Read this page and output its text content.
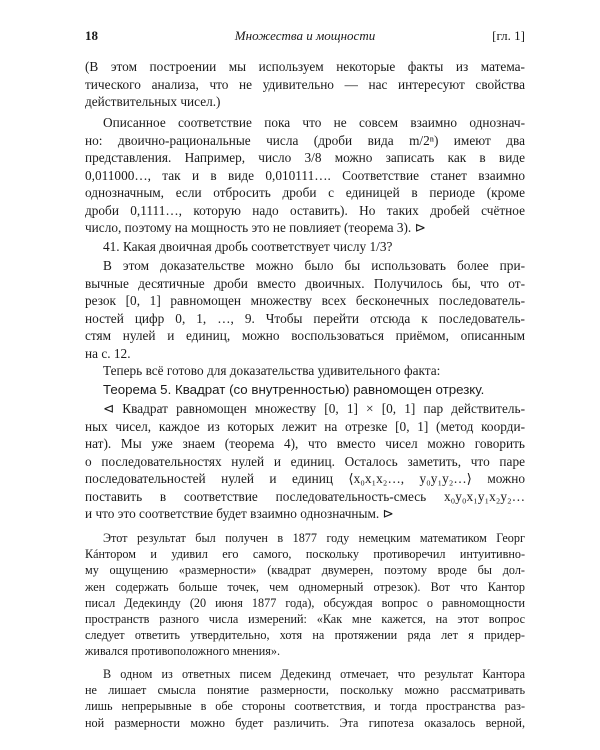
18	Множества и мощности	[гл. 1]
(В этом построении мы используем некоторые факты из матема-
тического анализа, что не удивительно — нас интересуют свойства
действительных чисел.)
Описанное соответствие пока что не совсем взаимно однознач-
но: двоично-рациональные числа (дроби вида m/2ⁿ) имеют два
представления. Например, число 3/8 можно записать как в виде
0,011000…, так и в виде 0,010111…. Соответствие станет взаимно
однозначным, если отбросить дроби с единицей в периоде (кроме
дроби 0,1111…, которую надо оставить). Но таких дробей счётное
число, поэтому на мощность это не повлияет (теорема 3). ⊳
41. Какая двоичная дробь соответствует числу 1/3?
В этом доказательстве можно было бы использовать более при-
вычные десятичные дроби вместо двоичных. Получилось бы, что от-
резок [0, 1] равномощен множеству всех бесконечных последователь-
ностей цифр 0, 1, …, 9. Чтобы перейти отсюда к последователь-
стям нулей и единиц, можно воспользоваться приёмом, описанным
на с. 12.
Теперь всё готово для доказательства удивительного факта:
Теорема 5. Квадрат (со внутренностью) равномощен отрезку.
⊲ Квадрат равномощен множеству [0, 1] × [0, 1] пар действитель-
ных чисел, каждое из которых лежит на отрезке [0, 1] (метод коорди-
нат). Мы уже знаем (теорема 4), что вместо чисел можно говорить
о последовательностях нулей и единиц. Осталось заметить, что паре
последовательностей нулей и единиц ⟨x₀x₁x₂…, y₀y₁y₂…⟩ можно
поставить в соответствие последовательность-смесь x₀y₀x₁y₁x₂y₂…
и что это соответствие будет взаимно однозначным. ⊳
Этот результат был получен в 1877 году немецким математиком Георг
Кáнтором и удивил его самого, поскольку противоречил интуитивно-
му ощущению «размерности» (квадрат двумерен, поэтому вроде бы дол-
жен содержать больше точек, чем одномерный отрезок). Вот что Кантор
писал Дедекинду (20 июня 1877 года), обсуждая вопрос о равномощности
пространств разного числа измерений: «Как мне кажется, на этот вопрос
следует ответить утвердительно, хотя на протяжении ряда лет я придер-
живался противоположного мнения».
В одном из ответных писем Дедекинд отмечает, что результат Кантора
не лишает смысла понятие размерности, поскольку можно рассматривать
лишь непрерывные в обе стороны соответствия, и тогда пространства раз-
ной размерности можно будет различить. Эта гипотеза оказалось верной,
